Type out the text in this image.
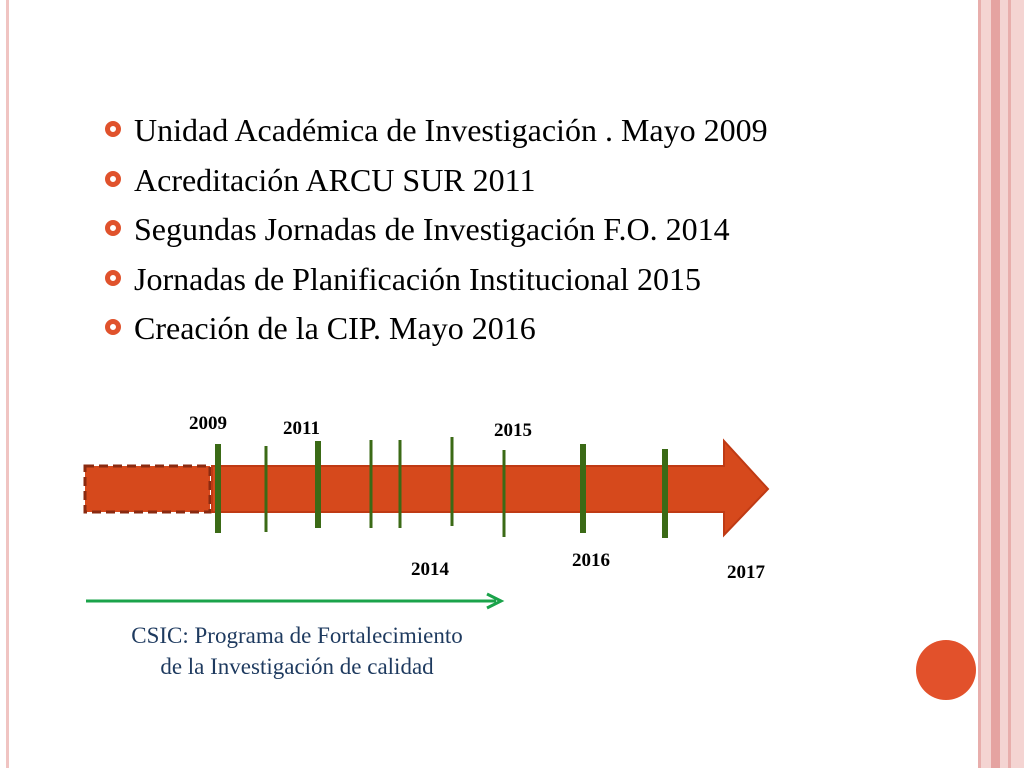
Unidad Académica de Investigación . Mayo 2009
Acreditación ARCU SUR 2011
Segundas Jornadas de Investigación F.O. 2014
Jornadas de Planificación Institucional 2015
Creación de la CIP. Mayo 2016
2009	2011	2015
2014	2016
2017
CSIC: Programa de Fortalecimiento
de la Investigación de calidad
